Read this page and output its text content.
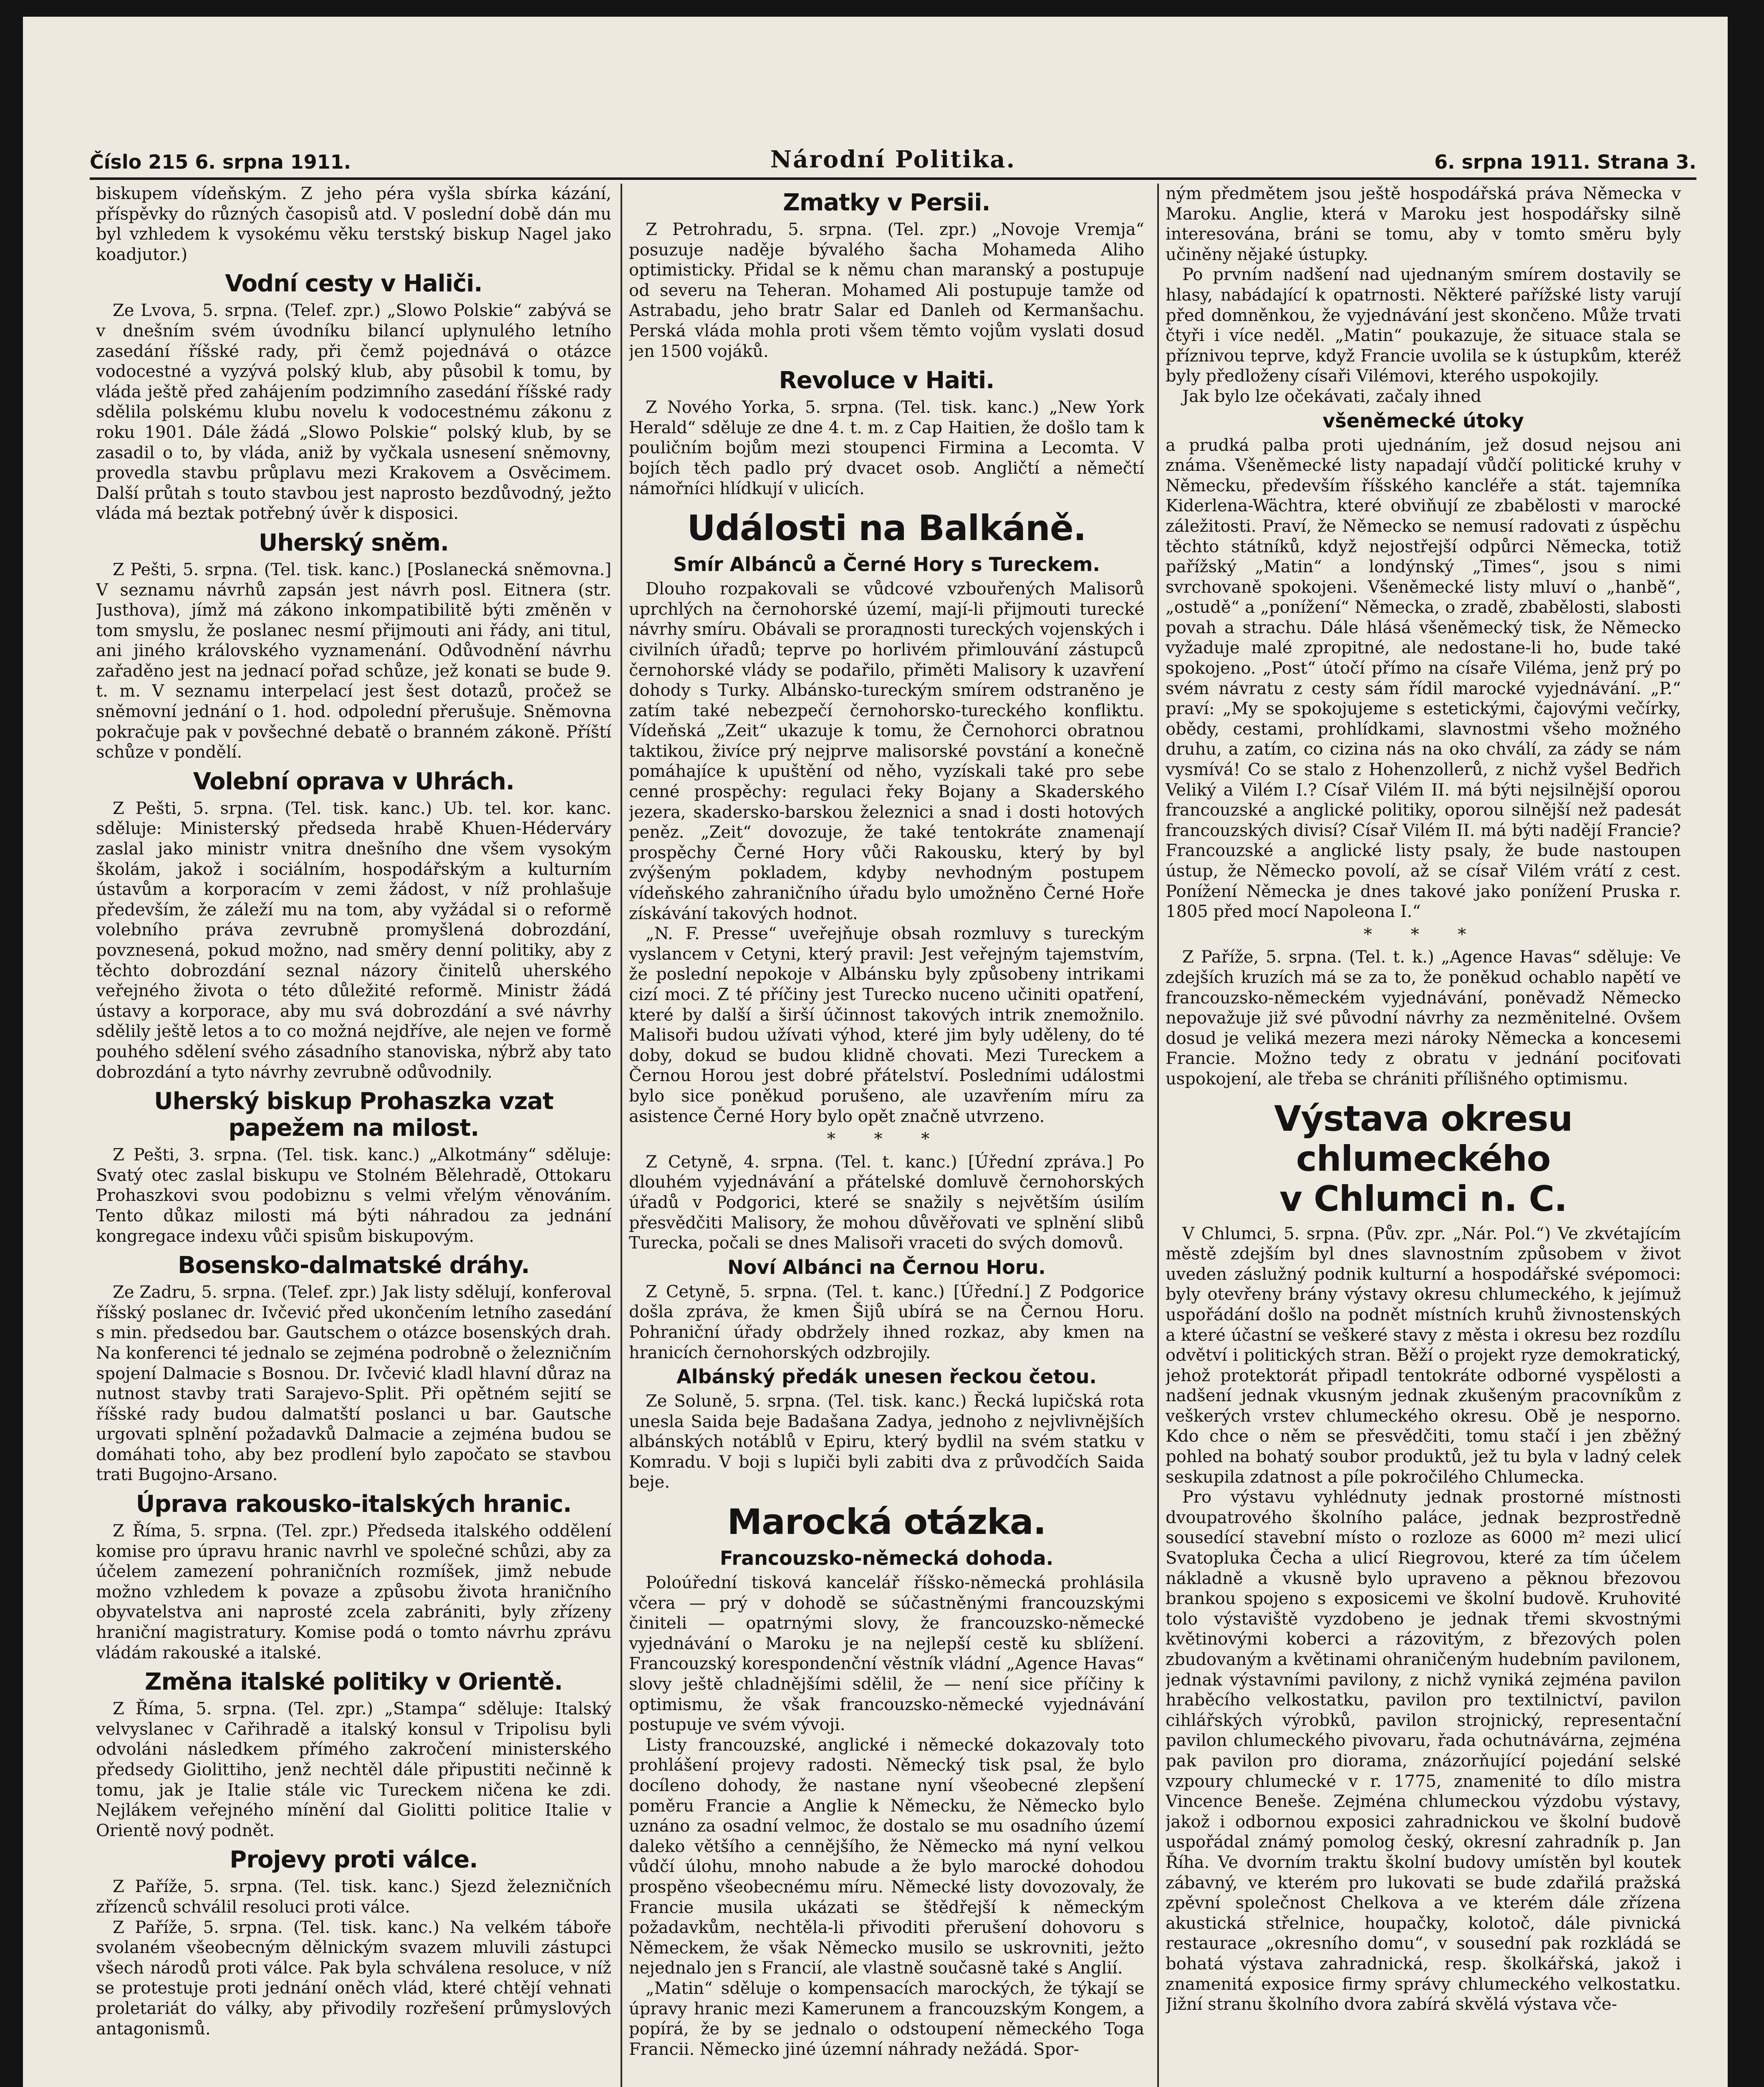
Číslo 215 6. srpna 1911.	Národní Politika.	6. srpna 1911. Strana 3.

biskupem vídeňským. Z jeho péra vyšla sbírka kázání, příspěvky do různých časopisů atd. V poslední době dán mu byl vzhledem k vysokému věku terstský biskup Nagel jako koadjutor.)

Vodní cesty v Haliči.

Ze Lvova, 5. srpna. (Telef. zpr.) „Slowo Polskie“ zabývá se v dnešním svém úvodníku bilancí uplynulého letního zasedání říšské rady, při čemž pojednává o otázce vodocestné a vyzývá polský klub, aby působil k tomu, by vláda ještě před zahájením podzimního zasedání říšské rady sdělila polskému klubu novelu k vodocestnému zákonu z roku 1901. Dále žádá „Slowo Polskie“ polský klub, by se zasadil o to, by vláda, aniž by vyčkala usnesení sněmovny, provedla stavbu průplavu mezi Krakovem a Osvěcimem. Další průtah s touto stavbou jest naprosto bezdůvodný, ježto vláda má beztak potřebný úvěr k disposici.

Uherský sněm.

Z Pešti, 5. srpna. (Tel. tisk. kanc.) [Poslanecká sněmovna.] V seznamu návrhů zapsán jest návrh posl. Eitnera (str. Justhova), jímž má zákono inkompatibilitě býti změněn v tom smyslu, že poslanec nesmí přijmouti ani řády, ani titul, ani jiného královského vyznamenání. Odůvodnění návrhu zařaděno jest na jednací pořad schůze, jež konati se bude 9. t. m. V seznamu interpelací jest šest dotazů, pročež se sněmovní jednání o 1. hod. odpolední přerušuje. Sněmovna pokračuje pak v povšechné debatě o branném zákoně. Příští schůze v pondělí.

Volební oprava v Uhrách.

Z Pešti, 5. srpna. (Tel. tisk. kanc.) Ub. tel. kor. kanc. sděluje: Ministerský předseda hrabě Khuen-Héderváry zaslal jako ministr vnitra dnešního dne všem vysokým školám, jakož i sociálním, hospodářským a kulturním ústavům a korporacím v zemi žádost, v níž prohlašuje především, že záleží mu na tom, aby vyžádal si o reformě volebního práva zevrubně promyšlená dobrozdání, povznesená, pokud možno, nad směry denní politiky, aby z těchto dobrozdání seznal názory činitelů uherského veřejného života o této důležité reformě. Ministr žádá ústavy a korporace, aby mu svá dobrozdání a své návrhy sdělily ještě letos a to co možná nejdříve, ale nejen ve formě pouhého sdělení svého zásadního stanoviska, nýbrž aby tato dobrozdání a tyto návrhy zevrubně odůvodnily.

Uherský biskup Prohaszka vzat
papežem na milost.

Z Pešti, 3. srpna. (Tel. tisk. kanc.) „Alkotmány“ sděluje: Svatý otec zaslal biskupu ve Stolném Bělehradě, Ottokaru Prohaszkovi svou podobiznu s velmi vřelým věnováním. Tento důkaz milosti má býti náhradou za jednání kongregace indexu vůči spisům biskupovým.

Bosensko-dalmatské dráhy.

Ze Zadru, 5. srpna. (Telef. zpr.) Jak listy sdělují, konferoval říšský poslanec dr. Ivčević před ukončením letního zasedání s min. předsedou bar. Gautschem o otázce bosenských drah. Na konferenci té jednalo se zejména podrobně o železničním spojení Dalmacie s Bosnou. Dr. Ivčević kladl hlavní důraz na nutnost stavby trati Sarajevo-Split. Při opětném sejití se říšské rady budou dalmatští poslanci u bar. Gautsche urgovati splnění požadavků Dalmacie a zejména budou se domáhati toho, aby bez prodlení bylo započato se stavbou trati Bugojno-Arsano.

Úprava rakousko-italských hranic.

Z Říma, 5. srpna. (Tel. zpr.) Předseda italského oddělení komise pro úpravu hranic navrhl ve společné schůzi, aby za účelem zamezení pohraničních rozmíšek, jimž nebude možno vzhledem k povaze a způsobu života hraničního obyvatelstva ani naprosté zcela zabrániti, byly zřízeny hraniční magistratury. Komise podá o tomto návrhu zprávu vládám rakouské a italské.

Změna italské politiky v Orientě.

Z Říma, 5. srpna. (Tel. zpr.) „Stampa“ sděluje: Italský velvyslanec v Cařihradě a italský konsul v Tripolisu byli odvoláni následkem přímého zakročení ministerského předsedy Giolittiho, jenž nechtěl dále připustiti nečinně k tomu, jak je Italie stále vic Tureckem ničena ke zdi. Nejlákem veřejného mínění dal Giolitti politice Italie v Orientě nový podnět.

Projevy proti válce.

Z Paříže, 5. srpna. (Tel. tisk. kanc.) Sjezd železničních zřízenců schválil resoluci proti válce.

Z Paříže, 5. srpna. (Tel. tisk. kanc.) Na velkém táboře svolaném všeobecným dělnickým svazem mluvili zástupci všech národů proti válce. Pak byla schválena resoluce, v níž se protestuje proti jednání oněch vlád, které chtějí vehnati proletariát do války, aby přivodily rozřešení průmyslových antagonismů.

Zmatky v Persii.

Z Petrohradu, 5. srpna. (Tel. zpr.) „Novoje Vremja“ posuzuje naděje bývalého šacha Mohameda Aliho optimisticky. Přidal se k němu chan maranský a postupuje od severu na Teheran. Mohamed Ali postupuje tamže od Astrabadu, jeho bratr Salar ed Danleh od Kermanšachu. Perská vláda mohla proti všem těmto vojům vyslati dosud jen 1500 vojáků.

Revoluce v Haiti.

Z Nového Yorka, 5. srpna. (Tel. tisk. kanc.) „New York Herald“ sděluje ze dne 4. t. m. z Cap Haitien, že došlo tam k pouličním bojům mezi stoupenci Firmina a Lecomta. V bojích těch padlo prý dvacet osob. Angličtí a němečtí námořníci hlídkují v ulicích.

Události na Balkáně.
Smír Albánců a Černé Hory s Tureckem.

Dlouho rozpakovali se vůdcové vzbouřených Malisorů uprchlých na černohorské území, mají-li přijmouti turecké návrhy smíru. Obávali se prorадnosti tureckých vojenských i civilních úřadů; teprve po horlivém přimlouvání zástupců černohorské vlády se podařilo, přiměti Malisory k uzavření dohody s Turky. Albánsko-tureckým smírem odstraněno je zatím také nebezpečí černohorsko-tureckého konfliktu. Vídeňská „Zeit“ ukazuje k tomu, že Černohorci obratnou taktikou, živíce prý nejprve malisorské povstání a konečně pomáhajíce k upuštění od něho, vyzískali také pro sebe cenné prospěchy: regulaci řeky Bojany a Skaderského jezera, skadersko-barskou železnici a snad i dosti hotových peněz. „Zeit“ dovozuje, že také tentokráte znamenají prospěchy Černé Hory vůči Rakousku, který by byl zvýšeným pokladem, kdyby nevhodným postupem vídeňského zahraničního úřadu bylo umožněno Černé Hoře získávání takových hodnot.

„N. F. Presse“ uveřejňuje obsah rozmluvy s tureckým vyslancem v Cetyni, který pravil: Jest veřejným tajemstvím, že poslední nepokoje v Albánsku byly způsobeny intrikami cizí moci. Z té příčiny jest Turecko nuceno učiniti opatření, které by další a širší účinnost takových intrik znemožnilo. Malisoři budou užívati výhod, které jim byly uděleny, do té doby, dokud se budou klidně chovati. Mezi Tureckem a Černou Horou jest dobré přátelství. Posledními událostmi bylo sice poněkud porušeno, ale uzavřením míru za asistence Černé Hory bylo opět značně utvrzeno.

* * *

Z Cetyně, 4. srpna. (Tel. t. kanc.) [Úřední zpráva.] Po dlouhém vyjednávání a přátelské domluvě černohorských úřadů v Podgorici, které se snažily s největším úsilím přesvědčiti Malisory, že mohou důvěřovati ve splnění slibů Turecka, počali se dnes Malisoři vraceti do svých domovů.

Noví Albánci na Černou Horu.

Z Cetyně, 5. srpna. (Tel. t. kanc.) [Úřední.] Z Podgorice došla zpráva, že kmen Šijů ubírá se na Černou Horu. Pohraniční úřady obdržely ihned rozkaz, aby kmen na hranicích černohorských odzbrojily.

Albánský předák unesen řeckou četou.

Ze Soluně, 5. srpna. (Tel. tisk. kanc.) Řecká lupičská rota unesla Saida beje Badašana Zadya, jednoho z nejvlivnějších albánských notáblů v Epiru, který bydlil na svém statku v Komradu. V boji s lupiči byli zabiti dva z průvodčích Saida beje.

Marocká otázka.
Francouzsko-německá dohoda.

Poloúřední tisková kancelář říšsko-německá prohlásila včera — prý v dohodě se súčastněnými francouzskými činiteli — opatrnými slovy, že francouzsko-německé vyjednávání o Maroku je na nejlepší cestě ku sblížení. Francouzský korespondenční věstník vládní „Agence Havas“ slovy ještě chladnějšími sdělil, že — není sice příčiny k optimismu, že však francouzsko-německé vyjednávání postupuje ve svém vývoji.

Listy francouzské, anglické i německé dokazovaly toto prohlášení projevy radosti. Německý tisk psal, že bylo docíleno dohody, že nastane nyní všeobecné zlepšení poměru Francie a Anglie k Německu, že Německo bylo uznáno za osadní velmoc, že dostalo se mu osadního území daleko většího a cennějšího, že Německo má nyní velkou vůdčí úlohu, mnoho nabude a že bylo marocké dohodou prospěno všeobecnému míru. Německé listy dovozovaly, že Francie musila ukázati se štědřejší k německým požadavkům, nechtěla-li přivoditi přerušení dohovoru s Německem, že však Německo musilo se uskrovniti, ježto nejednalo jen s Francií, ale vlastně současně také s Anglií.

„Matin“ sděluje o kompensacích marockých, že týkají se úpravy hranic mezi Kamerunem a francouzským Kongem, a popírá, že by se jednalo o odstoupení německého Toga Francii. Německo jiné územní náhrady nežádá. Spor-

ným předmětem jsou ještě hospodářská práva Německa v Maroku. Anglie, která v Maroku jest hospodářsky silně interesována, bráni se tomu, aby v tomto směru byly učiněny nějaké ústupky.

Po prvním nadšení nad ujednaným smírem dostavily se hlasy, nabádající k opatrnosti. Některé pařížské listy varují před domněnkou, že vyjednávání jest skončeno. Může trvati čtyři i více neděl. „Matin“ poukazuje, že situace stala se příznivou teprve, když Francie uvolila se k ústupkům, kteréž byly předloženy císaři Vilémovi, kterého uspokojily.

Jak bylo lze očekávati, začaly ihned

všeněmecké útoky

a prudká palba proti ujednáním, jež dosud nejsou ani známa. Všeněmecké listy napadají vůdčí politické kruhy v Německu, především říšského kancléře a stát. tajemníka Kiderlena-Wächtra, které obviňují ze zbabělosti v marocké záležitosti. Praví, že Německo se nemusí radovati z úspěchu těchto státníků, když nejostřejší odpůrci Německa, totiž pařížský „Matin“ a londýnský „Times“, jsou s nimi svrchovaně spokojeni. Všeněmecké listy mluví o „hanbě“, „ostudě“ a „ponížení“ Německa, o zradě, zbabělosti, slabosti povah a strachu. Dále hlásá všeněmecký tisk, že Německo vyžaduje malé zpropitné, ale nedostane-li ho, bude také spokojeno. „Post“ útočí přímo na císaře Viléma, jenž prý po svém návratu z cesty sám řídil marocké vyjednávání. „P.“ praví: „My se spokojujeme s estetickými, čajovými večírky, obědy, cestami, prohlídkami, slavnostmi všeho možného druhu, a zatím, co cizina nás na oko chválí, za zády se nám vysmívá! Co se stalo z Hohenzollerů, z nichž vyšel Bedřich Veliký a Vilém I.? Císař Vilém II. má býti nejsilnější oporou francouzské a anglické politiky, oporou silnější než padesát francouzských divisí? Císař Vilém II. má býti nadějí Francie? Francouzské a anglické listy psaly, že bude nastoupen ústup, že Německo povolí, až se císař Vilém vrátí z cest. Ponížení Německa je dnes takové jako ponížení Pruska r. 1805 před mocí Napoleona I.“

* * *

Z Paříže, 5. srpna. (Tel. t. k.) „Agence Havas“ sděluje: Ve zdejších kruzích má se za to, že poněkud ochablo napětí ve francouzsko-německém vyjednávání, poněvadž Německo nepovažuje již své původní návrhy za nezměnitelné. Ovšem dosud je veliká mezera mezi nároky Německa a koncesemi Francie. Možno tedy z obratu v jednání pociťovati uspokojení, ale třeba se chrániti přílišného optimismu.

Výstava okresu chlumeckého
v Chlumci n. C.

V Chlumci, 5. srpna. (Pův. zpr. „Nár. Pol.“) Ve zkvétajícím městě zdejším byl dnes slavnostním způsobem v život uveden záslužný podnik kulturní a hospodářské svépomoci: byly otevřeny brány výstavy okresu chlumeckého, k jejímuž uspořádání došlo na podnět místních kruhů živnostenských a které účastní se veškeré stavy z města i okresu bez rozdílu odvětví i politických stran. Běží o projekt ryze demokratický, jehož protektorát připadl tentokráte odborné vyspělosti a nadšení jednak vkusným jednak zkušeným pracovníkům z veškerých vrstev chlumeckého okresu. Obě je nesporno. Kdo chce o něm se přesvědčiti, tomu stačí i jen zběžný pohled na bohatý soubor produktů, jež tu byla v ladný celek seskupila zdatnost a píle pokročilého Chlumecka.

Pro výstavu vyhlédnuty jednak prostorné místnosti dvoupatrového školního paláce, jednak bezprostředně sousedící stavební místo o rozloze as 6000 m² mezi ulicí Svatopluka Čecha a ulicí Riegrovou, které za tím účelem nákladně a vkusně bylo upraveno a pěknou březovou brankou spojeno s exposicemi ve školní budově. Kruhovité tolo výstaviště vyzdobeno je jednak třemi skvostnými květinovými koberci a rázovitým, z březových polen zbudovaným a květinami ohraničeným hudebním pavilonem, jednak výstavními pavilony, z nichž vyniká zejména pavilon hraběcího velkostatku, pavilon pro textilnictví, pavilon cihlářských výrobků, pavilon strojnický, representační pavilon chlumeckého pivovaru, řada ochutnávárna, zejména pak pavilon pro diorama, znázorňující pojedání selské vzpoury chlumecké v r. 1775, znamenité to dílo mistra Vincence Beneše. Zejména chlumeckou výzdobu výstavy, jakož i odbornou exposici zahradnickou ve školní budově uspořádal známý pomolog český, okresní zahradník p. Jan Říha. Ve dvorním traktu školní budovy umístěn byl koutek zábavný, ve kterém pro lukovati se bude zdařilá pražská zpěvní společnost Chelkova a ve kterém dále zřízena akustická střelnice, houpačky, kolotoč, dále pivnická restaurace „okresního domu“, v sousední pak rozkládá se bohatá výstava zahradnická, resp. školkářská, jakož i znamenitá exposice firmy správy chlumeckého velkostatku. Jižní stranu školního dvora zabírá skvělá výstava vče-
